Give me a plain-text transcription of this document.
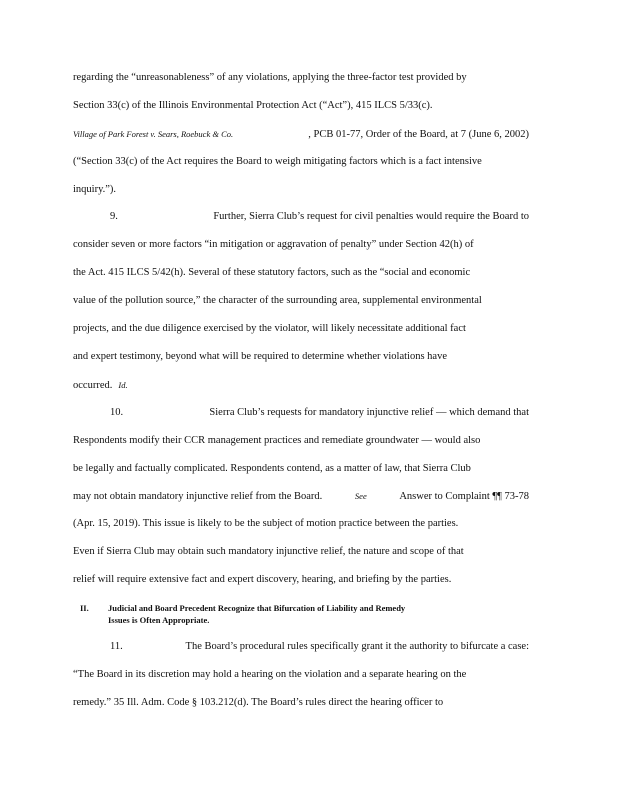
regarding the “unreasonableness” of any violations, applying the three-factor test provided by
Section 33(c) of the Illinois Environmental Protection Act (“Act”), 415 ILCS 5/33(c).
Village of Park Forest v. Sears, Roebuck & Co.	, PCB 01-77, Order of the Board, at 7 (June 6, 2002)
(“Section 33(c) of the Act requires the Board to weigh mitigating factors which is a fact intensive
inquiry.”).
9.	Further, Sierra Club’s request for civil penalties would require the Board to
consider seven or more factors “in mitigation or aggravation of penalty” under Section 42(h) of
the Act. 415 ILCS 5/42(h). Several of these statutory factors, such as the “social and economic
value of the pollution source,” the character of the surrounding area, supplemental environmental
projects, and the due diligence exercised by the violator, will likely necessitate additional fact
and expert testimony, beyond what will be required to determine whether violations have
occurred. Id.
10.	Sierra Club’s requests for mandatory injunctive relief — which demand that
Respondents modify their CCR management practices and remediate groundwater — would also
be legally and factually complicated. Respondents contend, as a matter of law, that Sierra Club
may not obtain mandatory injunctive relief from the Board.	See	Answer to Complaint ¶¶ 73-78
(Apr. 15, 2019). This issue is likely to be the subject of motion practice between the parties.
Even if Sierra Club may obtain such mandatory injunctive relief, the nature and scope of that
relief will require extensive fact and expert discovery, hearing, and briefing by the parties.
II. Judicial and Board Precedent Recognize that Bifurcation of Liability and Remedy
Issues is Often Appropriate.
11.	The Board’s procedural rules specifically grant it the authority to bifurcate a case:
“The Board in its discretion may hold a hearing on the violation and a separate hearing on the
remedy.” 35 Ill. Adm. Code § 103.212(d). The Board’s rules direct the hearing officer to
